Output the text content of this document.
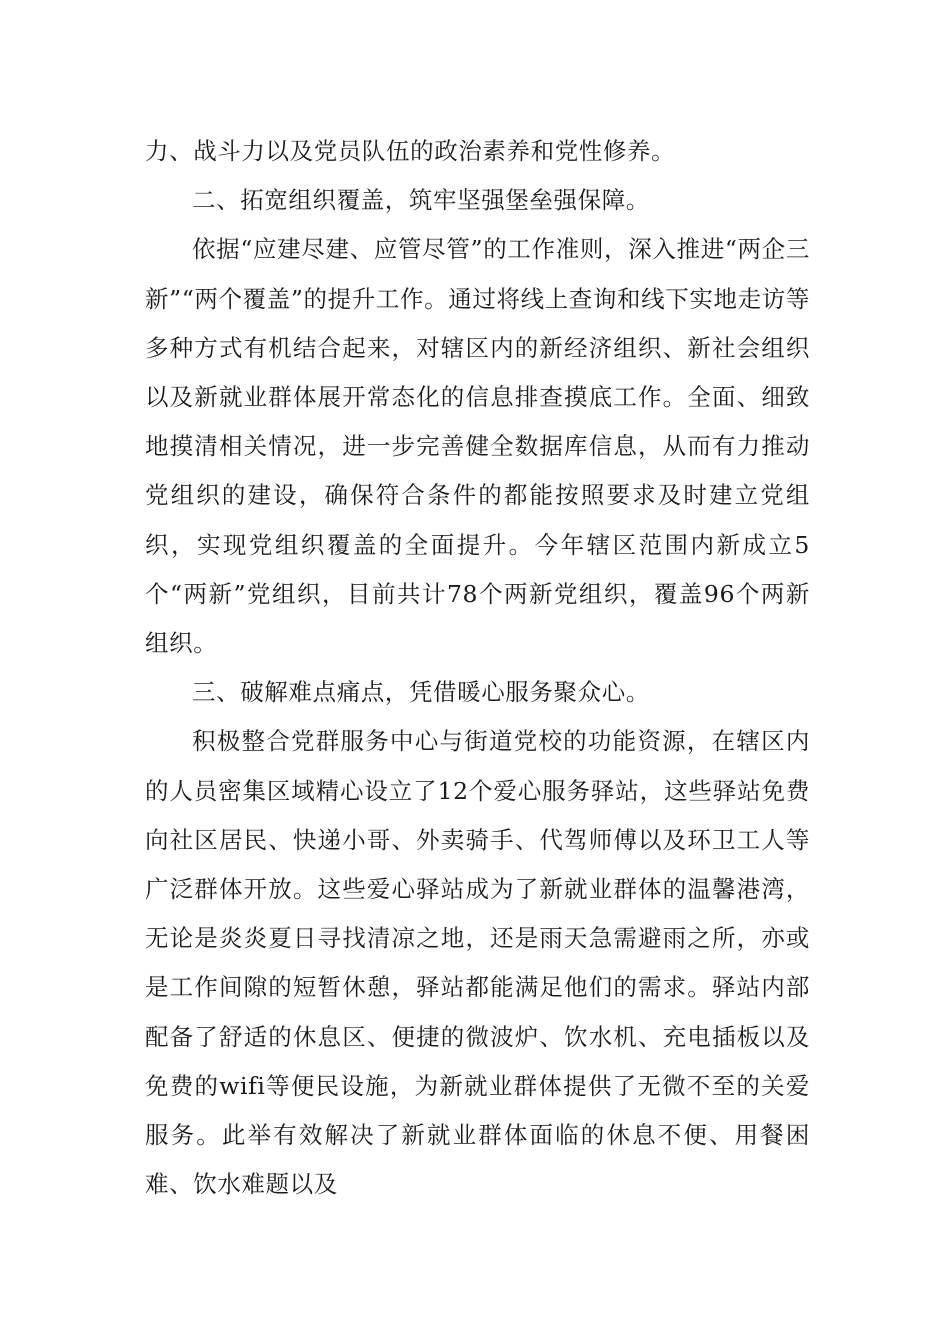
力、战斗力以及党员队伍的政治素养和党性修养。

二、拓宽组织覆盖，筑牢坚强堡垒强保障。

依据“应建尽建、应管尽管”的工作准则，深入推进“两企三新”“两个覆盖”的提升工作。通过将线上查询和线下实地走访等多种方式有机结合起来，对辖区内的新经济组织、新社会组织以及新就业群体展开常态化的信息排查摸底工作。全面、细致地摸清相关情况，进一步完善健全数据库信息，从而有力推动党组织的建设，确保符合条件的都能按照要求及时建立党组织，实现党组织覆盖的全面提升。今年辖区范围内新成立5个“两新”党组织，目前共计78个两新党组织，覆盖96个两新组织。

三、破解难点痛点，凭借暖心服务聚众心。

积极整合党群服务中心与街道党校的功能资源，在辖区内的人员密集区域精心设立了12个爱心服务驿站，这些驿站免费向社区居民、快递小哥、外卖骑手、代驾师傅以及环卫工人等广泛群体开放。这些爱心驿站成为了新就业群体的温馨港湾，无论是炎炎夏日寻找清凉之地，还是雨天急需避雨之所，亦或是工作间隙的短暂休憩，驿站都能满足他们的需求。驿站内部配备了舒适的休息区、便捷的微波炉、饮水机、充电插板以及免费的wifi等便民设施，为新就业群体提供了无微不至的关爱服务。此举有效解决了新就业群体面临的休息不便、用餐困难、饮水难题以及
